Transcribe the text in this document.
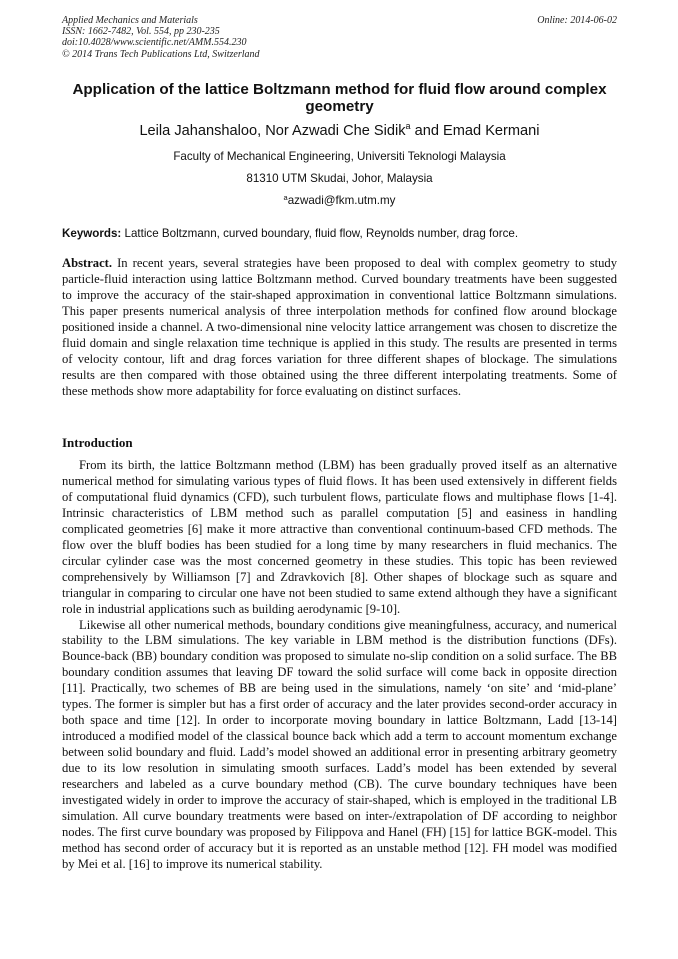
Applied Mechanics and Materials
ISSN: 1662-7482, Vol. 554, pp 230-235
doi:10.4028/www.scientific.net/AMM.554.230
© 2014 Trans Tech Publications Ltd, Switzerland
Online: 2014-06-02
Application of the lattice Boltzmann method for fluid flow around complex geometry
Leila Jahanshaloo, Nor Azwadi Che Sidik$^a$ and Emad Kermani
Faculty of Mechanical Engineering, Universiti Teknologi Malaysia
81310 UTM Skudai, Johor, Malaysia
$^a$azwadi@fkm.utm.my
Keywords: Lattice Boltzmann, curved boundary, fluid flow, Reynolds number, drag force.
Abstract. In recent years, several strategies have been proposed to deal with complex geometry to study particle-fluid interaction using lattice Boltzmann method. Curved boundary treatments have been suggested to improve the accuracy of the stair-shaped approximation in conventional lattice Boltzmann simulations. This paper presents numerical analysis of three interpolation methods for confined flow around blockage positioned inside a channel. A two-dimensional nine velocity lattice arrangement was chosen to discretize the fluid domain and single relaxation time technique is applied in this study. The results are presented in terms of velocity contour, lift and drag forces variation for three different shapes of blockage. The simulations results are then compared with those obtained using the three different interpolating treatments. Some of these methods show more adaptability for force evaluating on distinct surfaces.
Introduction

From its birth, the lattice Boltzmann method (LBM) has been gradually proved itself as an alternative numerical method for simulating various types of fluid flows. It has been used extensively in different fields of computational fluid dynamics (CFD), such turbulent flows, particulate flows and multiphase flows [1-4]. Intrinsic characteristics of LBM method such as parallel computation [5] and easiness in handling complicated geometries [6] make it more attractive than conventional continuum-based CFD methods. The flow over the bluff bodies has been studied for a long time by many researchers in fluid mechanics. The circular cylinder case was the most concerned geometry in these studies. This topic has been reviewed comprehensively by Williamson [7] and Zdravkovich [8]. Other shapes of blockage such as square and triangular in comparing to circular one have not been studied to same extend although they have a significant role in industrial applications such as building aerodynamic [9-10].

Likewise all other numerical methods, boundary conditions give meaningfulness, accuracy, and numerical stability to the LBM simulations. The key variable in LBM method is the distribution functions (DFs). Bounce-back (BB) boundary condition was proposed to simulate no-slip condition on a solid surface. The BB boundary condition assumes that leaving DF toward the solid surface will come back in opposite direction [11]. Practically, two schemes of BB are being used in the simulations, namely ‘on site’ and ‘mid-plane’ types. The former is simpler but has a first order of accuracy and the later provides second-order accuracy in both space and time [12]. In order to incorporate moving boundary in lattice Boltzmann, Ladd [13-14] introduced a modified model of the classical bounce back which add a term to account momentum exchange between solid boundary and fluid. Ladd’s model showed an additional error in presenting arbitrary geometry due to its low resolution in simulating smooth surfaces. Ladd’s model has been extended by several researchers and labeled as a curve boundary method (CB). The curve boundary techniques have been investigated widely in order to improve the accuracy of stair-shaped, which is employed in the traditional LB simulation. All curve boundary treatments were based on inter-/extrapolation of DF according to neighbor nodes. The first curve boundary was proposed by Filippova and Hanel (FH) [15] for lattice BGK-model. This method has second order of accuracy but it is reported as an unstable method [12]. FH model was modified by Mei et al. [16] to improve its numerical stability.
